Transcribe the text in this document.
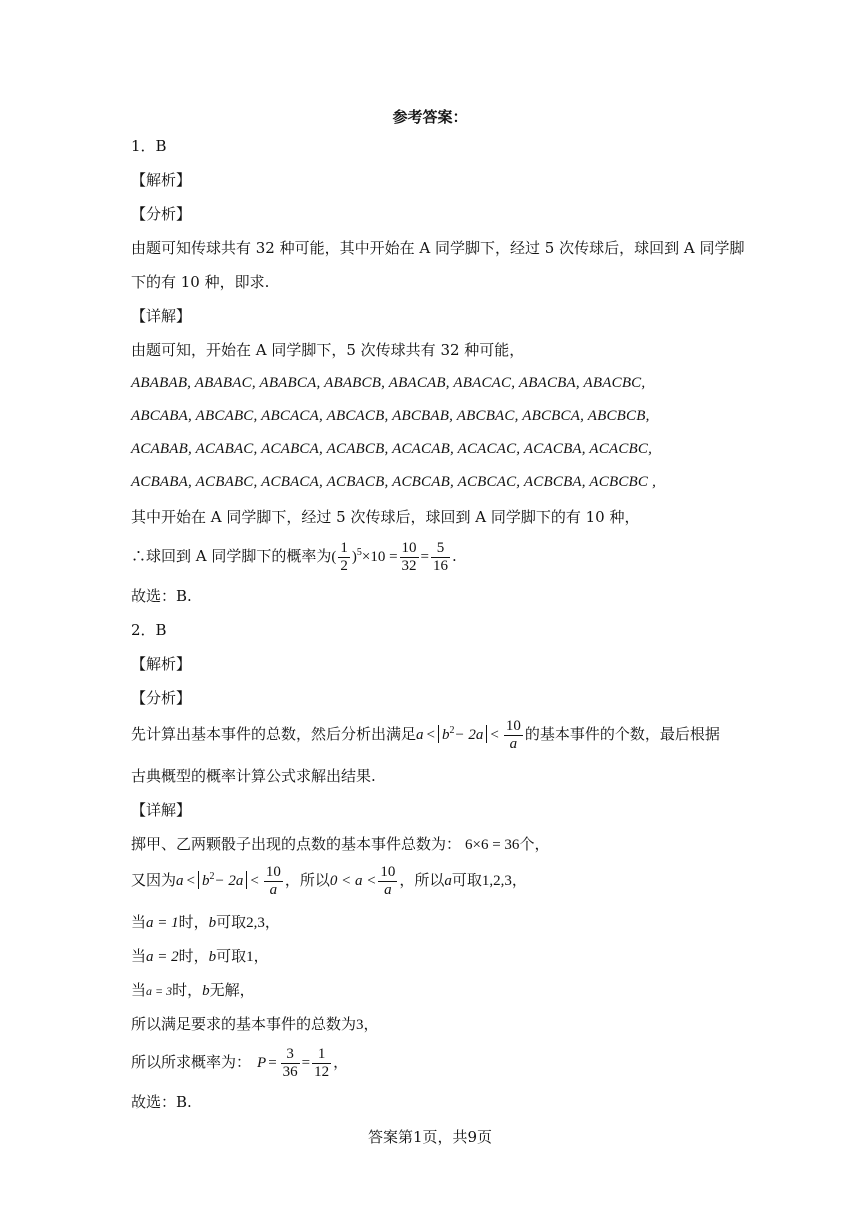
参考答案：
1．B
【解析】
【分析】
由题可知传球共有 32 种可能，其中开始在 A 同学脚下，经过 5 次传球后，球回到 A 同学脚
下的有 10 种，即求.
【详解】
由题可知，开始在 A 同学脚下，5 次传球共有 32 种可能，
ABABAB, ABABAC, ABABCA, ABABCB, ABACAB, ABACAC, ABACBA, ABACBC,
ABCABA, ABCABC, ABCACA, ABCACB, ABCBAB, ABCBAC, ABCBCA, ABCBCB,
ACABAB, ACABAC, ACABCA, ACABCB, ACACAB, ACACAC, ACACBA, ACACBC,
ACBABA, ACBABC, ACBACA, ACBACB, ACBCAB, ACBCAC, ACBCBA, ACBCBC ,
其中开始在 A 同学脚下，经过 5 次传球后，球回到 A 同学脚下的有 10 种，
∴球回到 A 同学脚下的概率为( $\frac{1}{2} )^5\times 10 = \frac{10}{32} = \frac{5}{16}$ .
故选：B.
2．B
【解析】
【分析】
先计算出基本事件的总数，然后分析出满足$a < b^2- 2a < \frac{10}{a}$ 的基本事件的个数，最后根据
古典概型的概率计算公式求解出结果.
【详解】
掷甲、乙两颗骰子出现的点数的基本事件总数为： 6×6 = 36个，
又因为$a < b^2- 2a < \frac{10}{a}$ ，所以$0 < a < \frac{10}{a}$ ，所以a可取1,2,3，
当a = 1时，b可取2,3，
当a = 2时，b可取1，
当a = 3时，b无解，
所以满足要求的基本事件的总数为3，
所以所求概率为： $P = \frac{3}{36} = \frac{1}{12}$ ，
故选：B.
答案第1页，共9页
